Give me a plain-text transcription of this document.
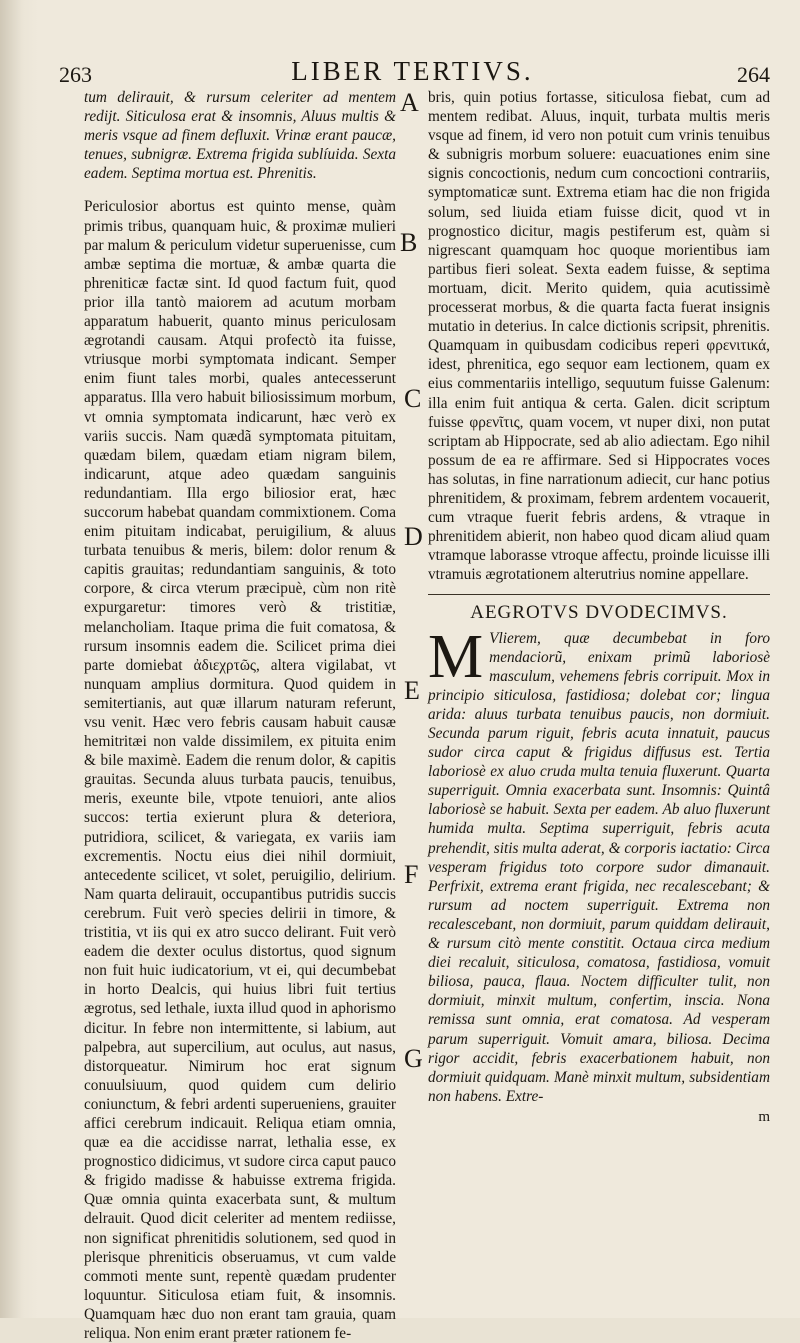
263	LIBER TERTIVS.	264
A
B
C
D
E
F
G

tum delirauit, & rursum celeriter ad mentem redijt. Siticulosa erat & insomnis, Aluus multis & meris vsque ad finem defluxit. Vrinæ erant paucæ, tenues, subnigræ. Extrema frigida sublíuida. Sexta eadem. Septima mortua est. Phrenitis.

Periculosior abortus est quinto mense, quàm primis tribus, quanquam huic, & proximæ mulieri par malum & periculum videtur superuenisse, cum ambæ septima die mortuæ, & ambæ quarta die phreniticæ factæ sint. Id quod factum fuit, quod prior illa tantò maiorem ad acutum morbam apparatum habuerit, quanto minus periculosam ægrotandi causam. Atqui profectò ita fuisse, vtriusque morbi symptomata indicant. Semper enim fiunt tales morbi, quales antecesserunt apparatus. Illa vero habuit biliosissimum morbum, vt omnia symptomata indicarunt, hæc verò ex variis succis. Nam quædã symptomata pituitam, quædam bilem, quædam etiam nigram bilem, indicarunt, atque adeo quædam sanguinis redundantiam. Illa ergo biliosior erat, hæc succorum habebat quandam commixtionem. Coma enim pituitam indicabat, peruigilium, & aluus turbata tenuibus & meris, bilem: dolor renum & capitis grauitas; redundantiam sanguinis, & toto corpore, & circa vterum præcipuè, cùm non ritè expurgaretur: timores verò & tristitiæ, melancholiam. Itaque prima die fuit comatosa, & rursum insomnis eadem die. Scilicet prima diei parte domiebat ἀδιεχρτῶς, altera vigilabat, vt nunquam amplius dormitura. Quod quidem in semitertianis, aut quæ illarum naturam referunt, vsu venit. Hæc vero febris causam habuit causæ hemitritæi non valde dissimilem, ex pituita enim & bile maximè. Eadem die renum dolor, & capitis grauitas. Secunda aluus turbata paucis, tenuibus, meris, exeunte bile, vtpote tenuiori, ante alios succos: tertia exierunt plura & deteriora, putridiora, scilicet, & variegata, ex variis iam excrementis. Noctu eius diei nihil dormiuit, antecedente scilicet, vt solet, peruigilio, delirium. Nam quarta delirauit, occupantibus putridis succis cerebrum. Fuit verò species delirii in timore, & tristitia, vt iis qui ex atro succo delirant. Fuit verò eadem die dexter oculus distortus, quod signum non fuit huic iudicatorium, vt ei, qui decumbebat in horto Dealcis, qui huius libri fuit tertius ægrotus, sed lethale, iuxta illud quod in aphorismo dicitur. In febre non intermittente, si labium, aut palpebra, aut supercilium, aut oculus, aut nasus, distorqueatur. Nimirum hoc erat signum conuulsiuum, quod quidem cum delirio coniunctum, & febri ardenti superueniens, grauiter affici cerebrum indicauit. Reliqua etiam omnia, quæ ea die accidisse narrat, lethalia esse, ex prognostico didicimus, vt sudore circa caput pauco & frigido madisse & habuisse extrema frigida. Quæ omnia quinta exacerbata sunt, & multum delrauit. Quod dicit celeriter ad mentem rediisse, non significat phrenitidis solutionem, sed quod in plerisque phreniticis obseruamus, vt cum valde commoti mente sunt, repentè quædam prudenter loquuntur. Siticulosa etiam fuit, & insomnis. Quamquam hæc duo non erant tam grauia, quam reliqua. Non enim erant præter rationem fe-

bris, quin potius fortasse, siticulosa fiebat, cum ad mentem redibat. Aluus, inquit, turbata multis meris vsque ad finem, id vero non potuit cum vrinis tenuibus & subnigris morbum soluere: euacuationes enim sine signis concoctionis, nedum cum concoctioni contrariis, symptomaticæ sunt. Extrema etiam hac die non frigida solum, sed liuida etiam fuisse dicit, quod vt in prognostico dicitur, magis pestiferum est, quàm si nigrescant quamquam hoc quoque morientibus iam partibus fieri soleat. Sexta eadem fuisse, & septima mortuam, dicit. Merito quidem, quia acutissimè processerat morbus, & die quarta facta fuerat insignis mutatio in deterius. In calce dictionis scripsit, phrenitis. Quamquam in quibusdam codicibus reperi φρενιτικά, idest, phrenitica, ego sequor eam lectionem, quam ex eius commentariis intelligo, sequutum fuisse Galenum: illa enim fuit antiqua & certa. Galen. dicit scriptum fuisse φρενῖτις, quam vocem, vt nuper dixi, non putat scriptam ab Hippocrate, sed ab alio adiectam. Ego nihil possum de ea re affirmare. Sed si Hippocrates voces has solutas, in fine narrationum adiecit, cur hanc potius phrenitidem, & proximam, febrem ardentem vocauerit, cum vtraque fuerit febris ardens, & vtraque in phrenitidem abierit, non habeo quod dicam aliud quam vtramque laborasse vtroque affectu, proinde licuisse illi vtramuis ægrotationem alterutrius nomine appellare.

AEGROTVS DVODECIMVS.

M Vlierem, quæ decumbebat in foro mendaciorũ, enixam primũ laboriosè masculum, vehemens febris corripuit. Mox in principio siticulosa, fastidiosa; dolebat cor; lingua arida: aluus turbata tenuibus paucis, non dormiuit. Secunda parum riguit, febris acuta innatuit, paucus sudor circa caput & frigidus diffusus est. Tertia laboriosè ex aluo cruda multa tenuia fluxerunt. Quarta superriguit. Omnia exacerbata sunt. Insomnis: Quintâ laboriosè se habuit. Sexta per eadem. Ab aluo fluxerunt humida multa. Septima superriguit, febris acuta prehendit, sitis multa aderat, & corporis iactatio: Circa vesperam frigidus toto corpore sudor dimanauit. Perfrixit, extrema erant frigida, nec recalescebant; & rursum ad noctem superriguit. Extrema non recalescebant, non dormiuit, parum quiddam delirauit, & rursum citò mente constitit. Octaua circa medium diei recaluit, siticulosa, comatosa, fastidiosa, vomuit biliosa, pauca, flaua. Noctem difficulter tulit, non dormiuit, minxit multum, confertim, inscia. Nona remissa sunt omnia, erat comatosa. Ad vesperam parum superriguit. Vomuit amara, biliosa. Decima rigor accidit, febris exacerbationem habuit, non dormiuit quidquam. Manè minxit multum, subsidentiam non habens. Extre-

m
